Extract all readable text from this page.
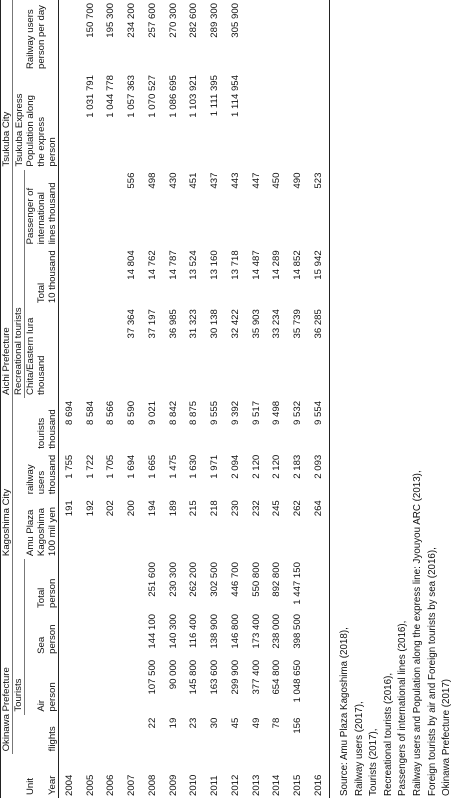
	Okinawa Prefecture				Kagoshima City			Aichi Prefecture			Tsukuba City	
		Tourists						Recreational tourists			Tsukuba Express	
Unit					Amu Plaza	railway		Chita/Eastern Iura		Passenger of	Population along	Railway users
		Air	Sea	Total	Kagoshima	users	tourists	thousand	Total	international	the express	person per day
Year	flights	person	person	person	100 mil yen	thousand	thousand		10 thousand	lines thousand	person	
2004					191	1 755	8 694					
2005					192	1 722	8 584				1 031 791	150 700
2006					202	1 705	8 566				1 044 778	195 300
2007					200	1 694	8 590	37 364	14 804	556	1 057 363	234 200
2008	22	107 500	144 100	251 600	194	1 665	9 021	37 197	14 762	498	1 070 527	257 600
2009	19	90 000	140 300	230 300	189	1 475	8 842	36 985	14 787	430	1 086 695	270 300
2010	23	145 800	116 400	262 200	215	1 630	8 875	31 323	13 524	451	1 103 921	282 600
2011	30	163 600	138 900	302 500	218	1 971	9 555	30 138	13 160	437	1 111 395	289 300
2012	45	299 900	146 800	446 700	230	2 094	9 392	32 422	13 718	443	1 114 954	305 900
2013	49	377 400	173 400	550 800	232	2 120	9 517	35 903	14 487	447		
2014	78	654 800	238 000	892 800	245	2 120	9 498	33 234	14 289	450		
2015	156	1 048 650	398 500	1 447 150	262	2 183	9 532	35 739	14 852	490		
2016					264	2 093	9 554	36 285	15 942	523		
Source: Amu Plaza Kagoshima (2018), Railway users (2017), Tourists (2017), Recreational tourists (2016), Passengers of international lines (2016), Railway users and Population along the express line: Jyouyou ARC (2013), Foreign tourists by air and Foreign tourists by sea (2016), Okinawa Prefecture (2017)
